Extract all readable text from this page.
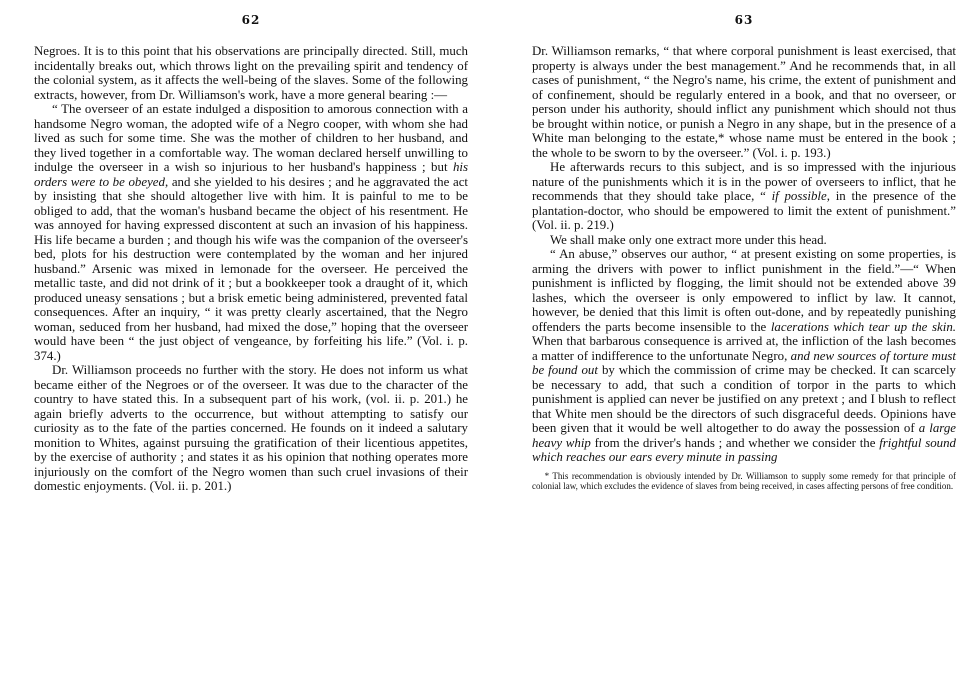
62

Negroes. It is to this point that his observations are principally directed. Still, much incidentally breaks out, which throws light on the prevailing spirit and tendency of the colonial system, as it affects the well-being of the slaves. Some of the following extracts, however, from Dr. Williamson's work, have a more general bearing :—

“ The overseer of an estate indulged a disposition to amorous connection with a handsome Negro woman, the adopted wife of a Negro cooper, with whom she had lived as such for some time. She was the mother of children to her husband, and they lived together in a comfortable way. The woman declared herself unwilling to indulge the overseer in a wish so injurious to her husband's happiness ; but his orders were to be obeyed, and she yielded to his desires ; and he aggravated the act by insisting that she should altogether live with him. It is painful to me to be obliged to add, that the woman's husband became the object of his resentment. He was annoyed for having expressed discontent at such an invasion of his happiness. His life became a burden ; and though his wife was the companion of the overseer's bed, plots for his destruction were contemplated by the woman and her injured husband.” Arsenic was mixed in lemonade for the overseer. He perceived the metallic taste, and did not drink of it ; but a bookkeeper took a draught of it, which produced uneasy sensations ; but a brisk emetic being administered, prevented fatal consequences. After an inquiry, “ it was pretty clearly ascertained, that the Negro woman, seduced from her husband, had mixed the dose,” hoping that the overseer would have been “ the just object of vengeance, by forfeiting his life.” (Vol. i. p. 374.)

Dr. Williamson proceeds no further with the story. He does not inform us what became either of the Negroes or of the overseer. It was due to the character of the country to have stated this. In a subsequent part of his work, (vol. ii. p. 201.) he again briefly adverts to the occurrence, but without attempting to satisfy our curiosity as to the fate of the parties concerned. He founds on it indeed a salutary monition to Whites, against pursuing the gratification of their licentious appetites, by the exercise of authority ; and states it as his opinion that nothing operates more injuriously on the comfort of the Negro women than such cruel invasions of their domestic enjoyments. (Vol. ii. p. 201.)

63

Dr. Williamson remarks, “ that where corporal punishment is least exercised, that property is always under the best management.” And he recommends that, in all cases of punishment, “ the Negro's name, his crime, the extent of punishment and of confinement, should be regularly entered in a book, and that no overseer, or person under his authority, should inflict any punishment which should not thus be brought within notice, or punish a Negro in any shape, but in the presence of a White man belonging to the estate,* whose name must be entered in the book ; the whole to be sworn to by the overseer.” (Vol. i. p. 193.)

He afterwards recurs to this subject, and is so impressed with the injurious nature of the punishments which it is in the power of overseers to inflict, that he recommends that they should take place, “ if possible, in the presence of the plantation-doctor, who should be empowered to limit the extent of punishment.” (Vol. ii. p. 219.)

We shall make only one extract more under this head.

“ An abuse,” observes our author, “ at present existing on some properties, is arming the drivers with power to inflict punishment in the field.”—“ When punishment is inflicted by flogging, the limit should not be extended above 39 lashes, which the overseer is only empowered to inflict by law. It cannot, however, be denied that this limit is often out-done, and by repeatedly punishing offenders the parts become insensible to the lacerations which tear up the skin. When that barbarous consequence is arrived at, the infliction of the lash becomes a matter of indifference to the unfortunate Negro, and new sources of torture must be found out by which the commission of crime may be checked. It can scarcely be necessary to add, that such a condition of torpor in the parts to which punishment is applied can never be justified on any pretext ; and I blush to reflect that White men should be the directors of such disgraceful deeds. Opinions have been given that it would be well altogether to do away the possession of a large heavy whip from the driver's hands ; and whether we consider the frightful sound which reaches our ears every minute in passing

* This recommendation is obviously intended by Dr. Williamson to supply some remedy for that principle of colonial law, which excludes the evidence of slaves from being received, in cases affecting persons of free condition.
